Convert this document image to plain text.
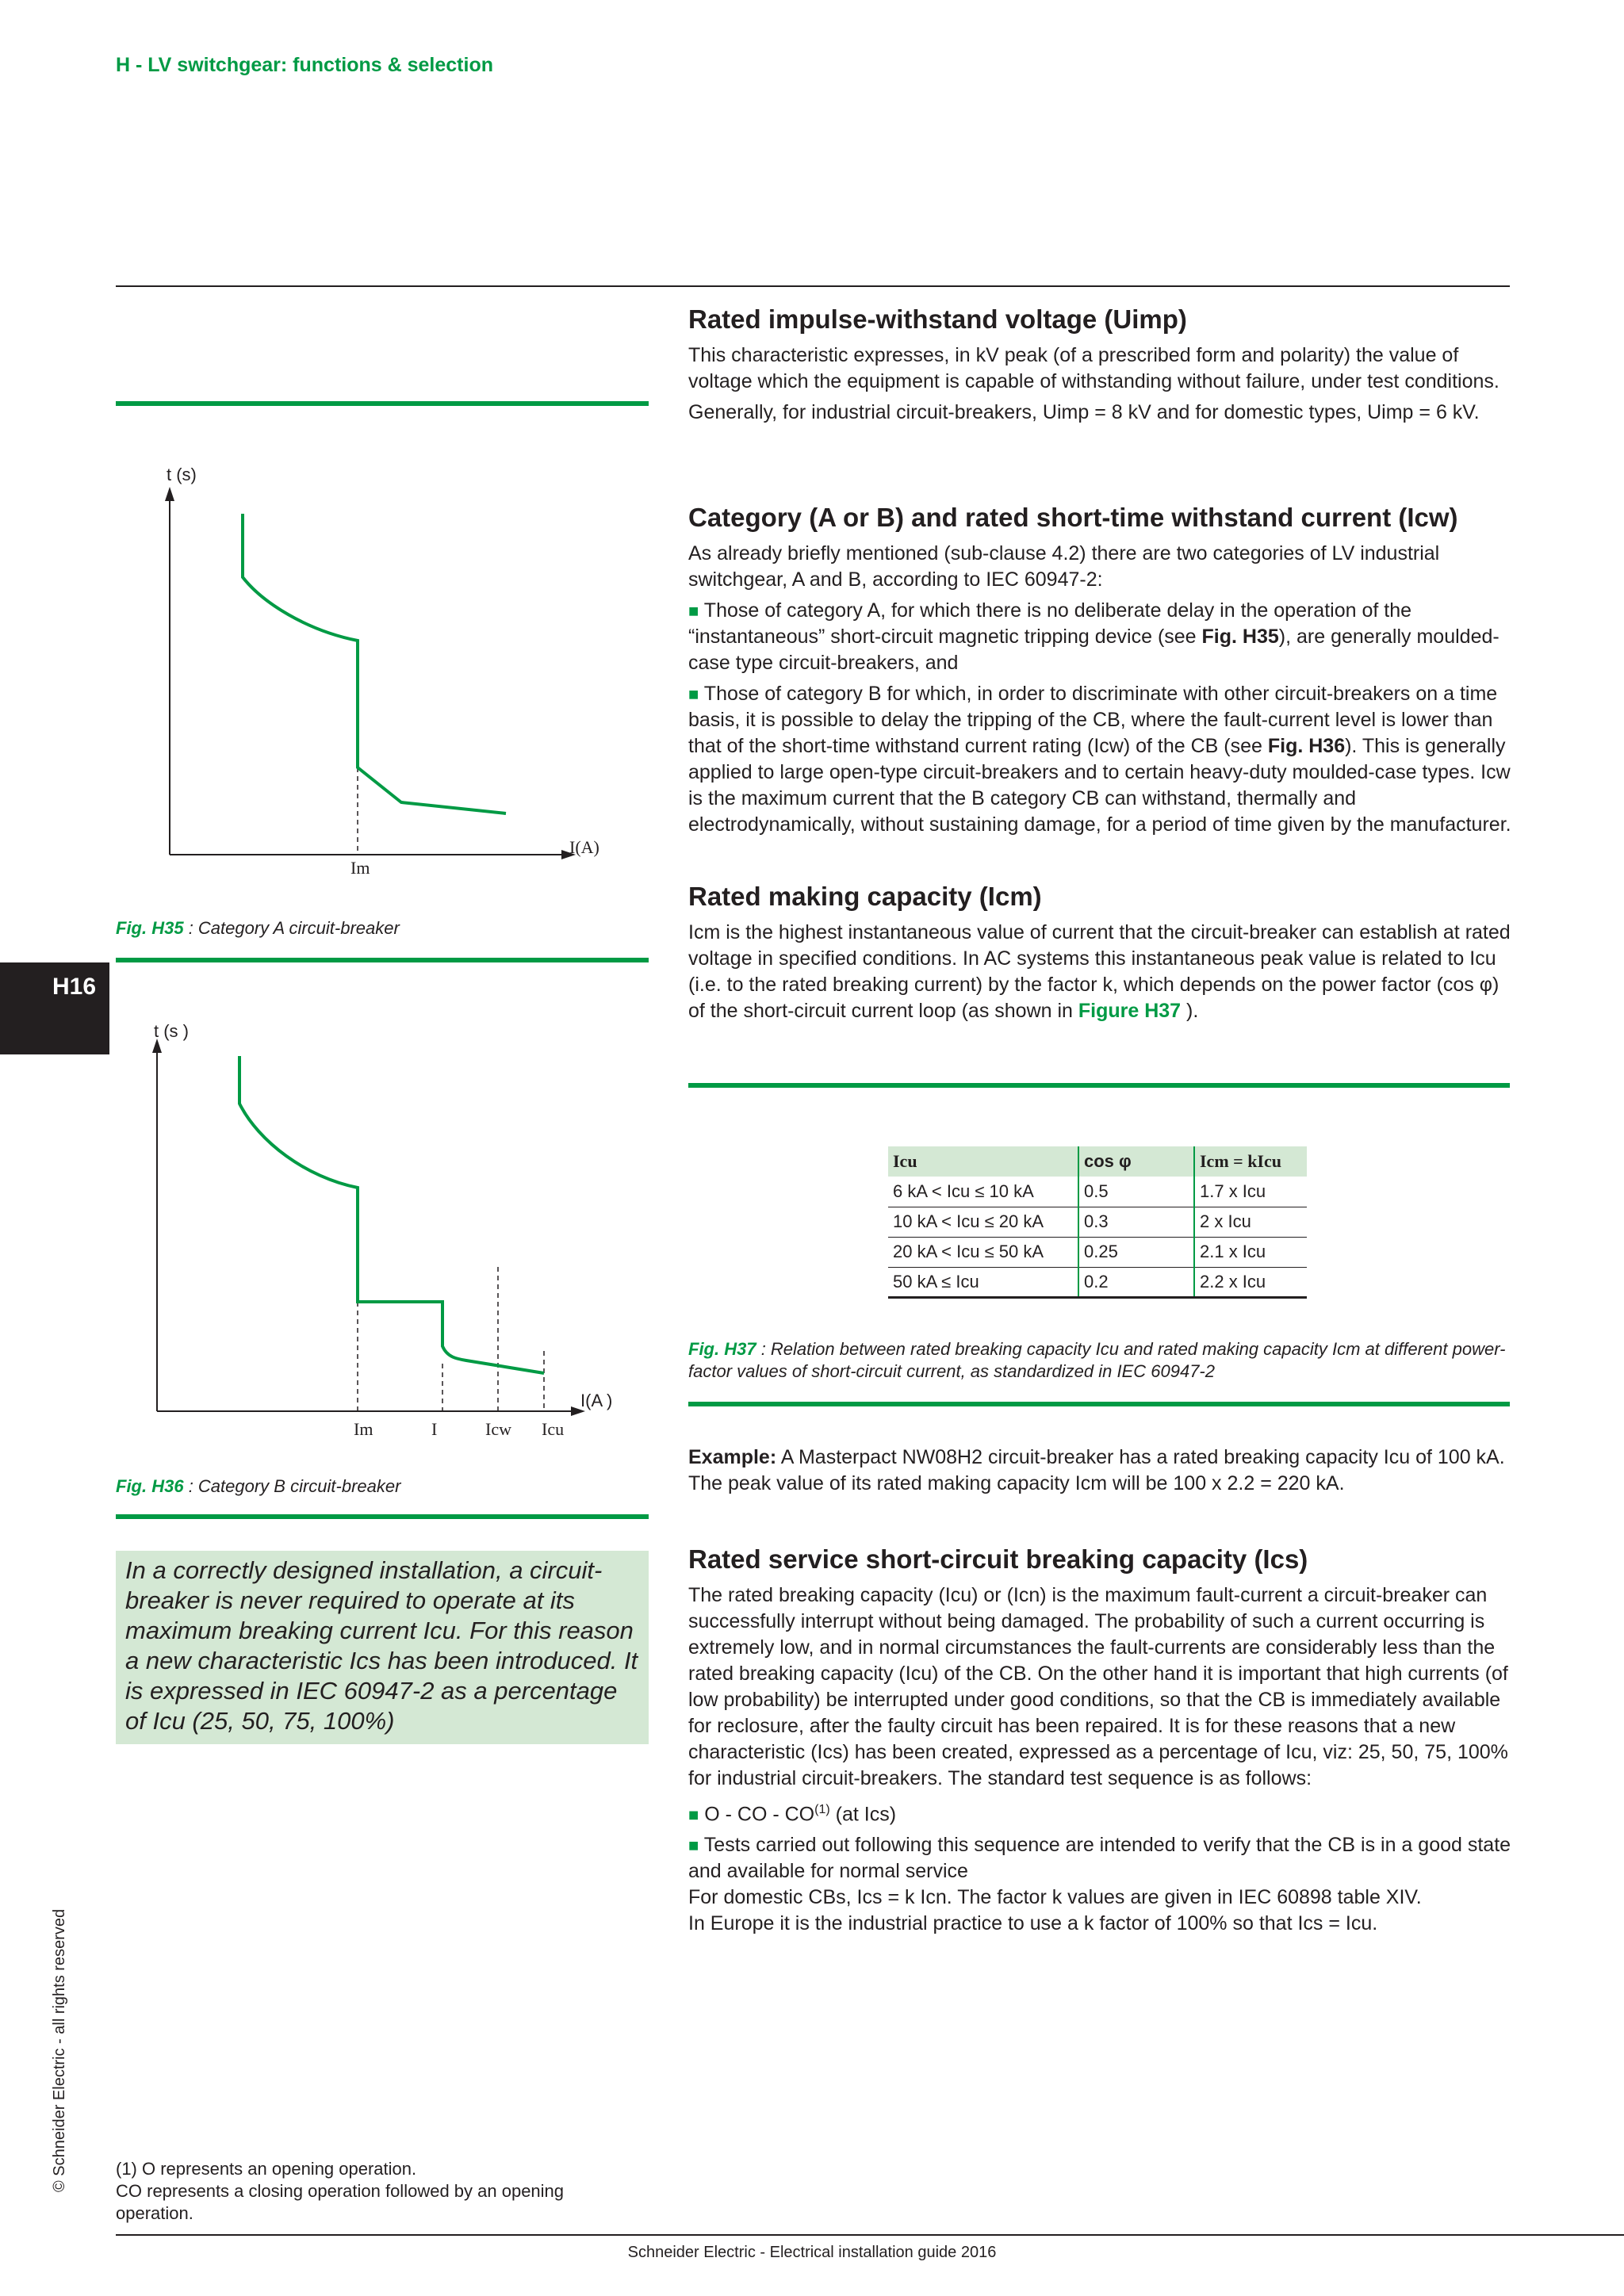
H - LV switchgear: functions & selection
H16
© Schneider Electric - all rights reserved
t (s)
I(A)
Im
Fig. H35 : Category A circuit-breaker
t (s )
I(A )
Im	I	Icw Icu
Fig. H36 : Category B circuit-breaker
In a correctly designed installation, a circuit-breaker is never required to operate at its maximum breaking current Icu. For this reason a new characteristic Ics has been introduced. It is expressed in IEC 60947-2 as a percentage of Icu (25, 50, 75, 100%)
(1) O represents an opening operation.
CO represents a closing operation followed by an opening operation.
Rated impulse-withstand voltage (Uimp)

This characteristic expresses, in kV peak (of a prescribed form and polarity) the value of voltage which the equipment is capable of withstanding without failure, under test conditions.

Generally, for industrial circuit-breakers, Uimp = 8 kV and for domestic types, Uimp = 6 kV.

Category (A or B) and rated short-time withstand current (Icw)

As already briefly mentioned (sub-clause 4.2) there are two categories of LV industrial switchgear, A and B, according to IEC 60947-2:

■ Those of category A, for which there is no deliberate delay in the operation of the “instantaneous” short-circuit magnetic tripping device (see Fig. H35), are generally moulded-case type circuit-breakers, and

■ Those of category B for which, in order to discriminate with other circuit-breakers on a time basis, it is possible to delay the tripping of the CB, where the fault-current level is lower than that of the short-time withstand current rating (Icw) of the CB (see Fig. H36). This is generally applied to large open-type circuit-breakers and to certain heavy-duty moulded-case types. Icw is the maximum current that the B category CB can withstand, thermally and electrodynamically, without sustaining damage, for a period of time given by the manufacturer.

Rated making capacity (Icm)

Icm is the highest instantaneous value of current that the circuit-breaker can establish at rated voltage in specified conditions. In AC systems this instantaneous peak value is related to Icu (i.e. to the rated breaking current) by the factor k, which depends on the power factor (cos φ) of the short-circuit current loop (as shown in Figure H37 ).

Icu	cos φ	Icm = kIcu
6 kA < Icu ≤ 10 kA	0.5	1.7 x Icu
10 kA < Icu ≤ 20 kA	0.3	2 x Icu
20 kA < Icu ≤ 50 kA	0.25	2.1 x Icu
50 kA ≤ Icu	0.2	2.2 x Icu
Fig. H37 : Relation between rated breaking capacity Icu and rated making capacity Icm at different power-factor values of short-circuit current, as standardized in IEC 60947-2
Example: A Masterpact NW08H2 circuit-breaker has a rated breaking capacity Icu of 100 kA. The peak value of its rated making capacity Icm will be 100 x 2.2 = 220 kA.
Rated service short-circuit breaking capacity (Ics)

The rated breaking capacity (Icu) or (Icn) is the maximum fault-current a circuit-breaker can successfully interrupt without being damaged. The probability of such a current occurring is extremely low, and in normal circumstances the fault-currents are considerably less than the rated breaking capacity (Icu) of the CB. On the other hand it is important that high currents (of low probability) be interrupted under good conditions, so that the CB is immediately available for reclosure, after the faulty circuit has been repaired. It is for these reasons that a new characteristic (Ics) has been created, expressed as a percentage of Icu, viz: 25, 50, 75, 100% for industrial circuit-breakers. The standard test sequence is as follows:

■ O - CO - CO$^{(1)}$ (at Ics)

■ Tests carried out following this sequence are intended to verify that the CB is in a good state and available for normal service

For domestic CBs, Ics = k Icn. The factor k values are given in IEC 60898 table XIV.

In Europe it is the industrial practice to use a k factor of 100% so that Ics = Icu.

Schneider Electric - Electrical installation guide 2016
